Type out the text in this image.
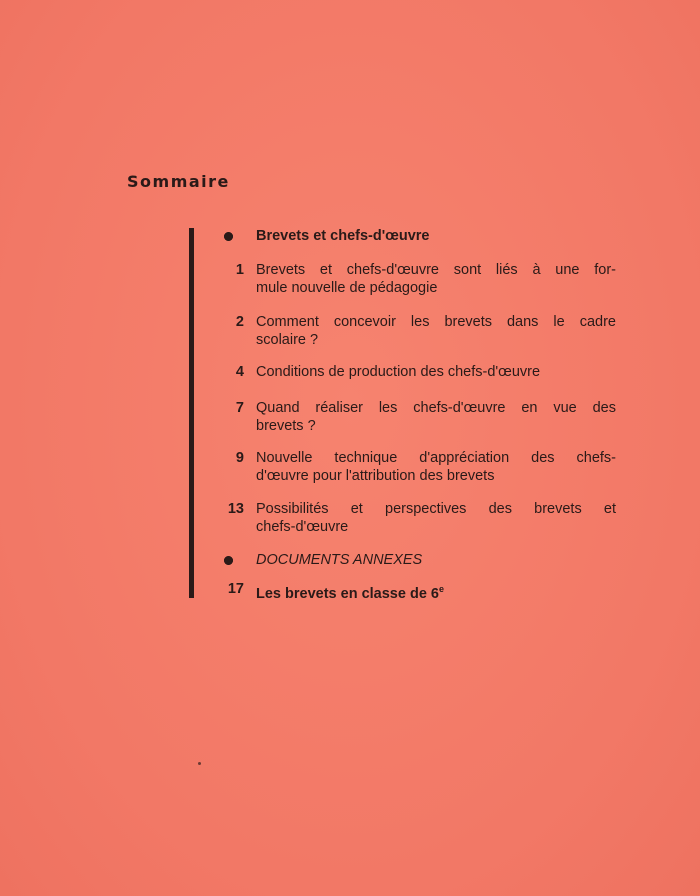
Sommaire
Brevets et chefs-d'œuvre
1 Brevets et chefs-d'œuvre sont liés à une for-
mule nouvelle de pédagogie
2 Comment concevoir les brevets dans le cadre
scolaire ?
4 Conditions de production des chefs-d'œuvre
7 Quand réaliser les chefs-d'œuvre en vue des
brevets ?
9 Nouvelle technique d'appréciation des chefs-
d'œuvre pour l'attribution des brevets
13 Possibilités et perspectives des brevets et
chefs-d'œuvre
DOCUMENTS ANNEXES
17 Les brevets en classe de 6e
